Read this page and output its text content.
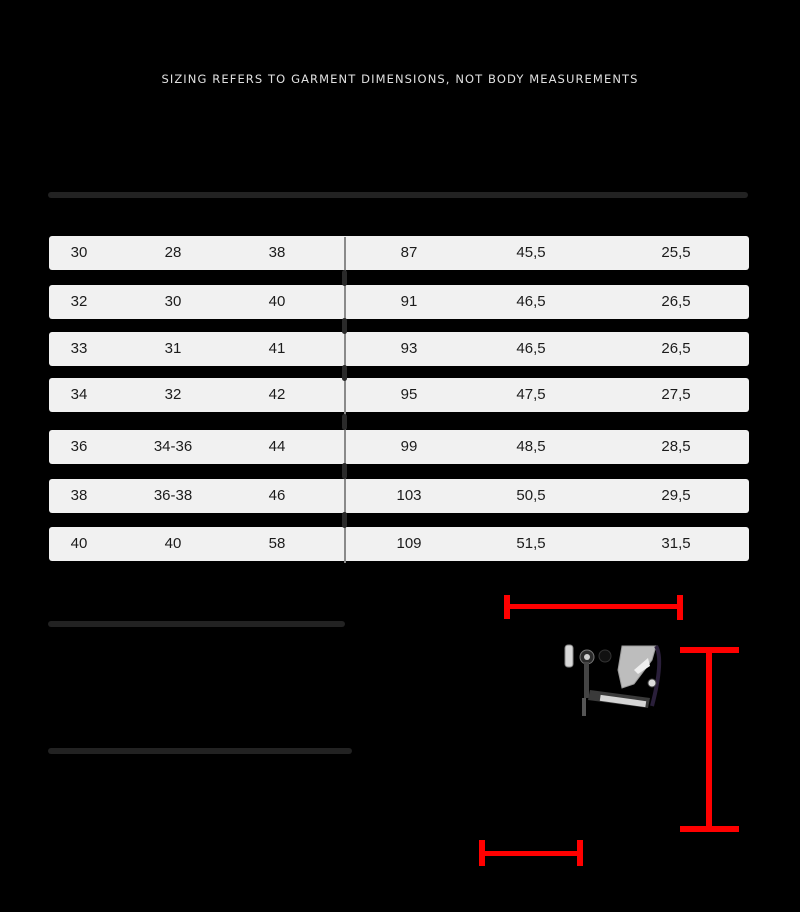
SIZING REFERS TO GARMENT DIMENSIONS, NOT BODY MEASUREMENTS
30	28	38	87	45,5	25,5
32	30	40	91	46,5	26,5
33	31	41	93	46,5	26,5
34	32	42	95	47,5	27,5
36	34-36	44	99	48,5	28,5
38	36-38	46	103	50,5	29,5
40	40	58	109	51,5	31,5
